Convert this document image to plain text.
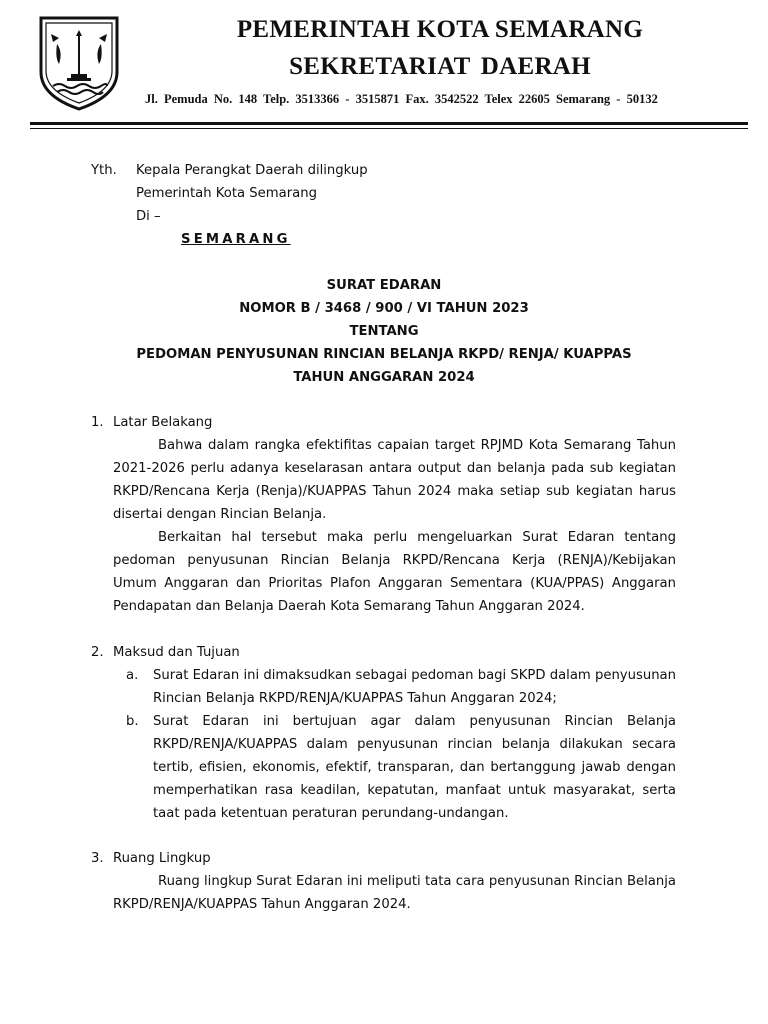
PEMERINTAH KOTA SEMARANG
SEKRETARIAT DAERAH
Jl. Pemuda No. 148 Telp. 3513366 - 3515871 Fax. 3542522 Telex 22605 Semarang - 50132
Yth. Kepala Perangkat Daerah dilingkup
Pemerintah Kota Semarang
Di –
SEMARANG
SURAT EDARAN
NOMOR B / 3468 / 900 / VI TAHUN 2023
TENTANG
PEDOMAN PENYUSUNAN RINCIAN BELANJA RKPD/ RENJA/ KUAPPAS
TAHUN ANGGARAN 2024
1. Latar Belakang
Bahwa dalam rangka efektifitas capaian target RPJMD Kota Semarang Tahun
2021-2026 perlu adanya keselarasan antara output dan belanja pada sub kegiatan
RKPD/Rencana Kerja (Renja)/KUAPPAS Tahun 2024 maka setiap sub kegiatan harus
disertai dengan Rincian Belanja.
Berkaitan hal tersebut maka perlu mengeluarkan Surat Edaran tentang
pedoman penyusunan Rincian Belanja RKPD/Rencana Kerja (RENJA)/Kebijakan
Umum Anggaran dan Prioritas Plafon Anggaran Sementara (KUA/PPAS) Anggaran
Pendapatan dan Belanja Daerah Kota Semarang Tahun Anggaran 2024.
2. Maksud dan Tujuan
a. Surat Edaran ini dimaksudkan sebagai pedoman bagi SKPD dalam penyusunan
Rincian Belanja RKPD/RENJA/KUAPPAS Tahun Anggaran 2024;
b. Surat Edaran ini bertujuan agar dalam penyusunan Rincian Belanja
RKPD/RENJA/KUAPPAS dalam penyusunan rincian belanja dilakukan secara
tertib, efisien, ekonomis, efektif, transparan, dan bertanggung jawab dengan
memperhatikan rasa keadilan, kepatutan, manfaat untuk masyarakat, serta
taat pada ketentuan peraturan perundang-undangan.
3. Ruang Lingkup
Ruang lingkup Surat Edaran ini meliputi tata cara penyusunan Rincian Belanja
RKPD/RENJA/KUAPPAS Tahun Anggaran 2024.
